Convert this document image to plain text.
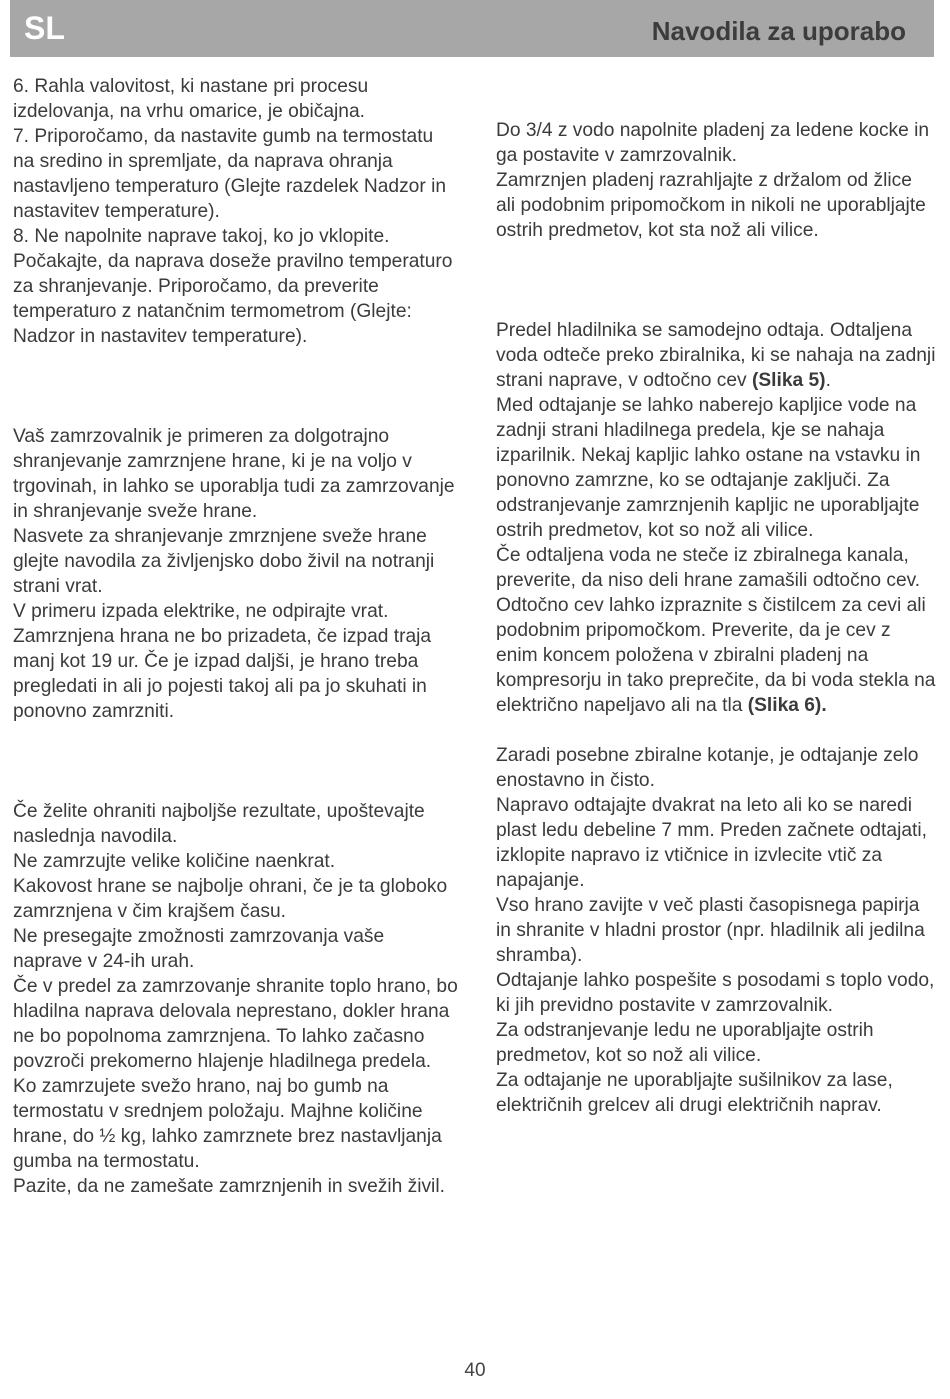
SL	Navodila za uporabo

6. Rahla valovitost, ki nastane pri procesu izdelovanja, na vrhu omarice, je običajna.

7. Priporočamo, da nastavite gumb na termostatu na sredino in spremljate, da naprava ohranja nastavljeno temperaturo (Glejte razdelek Nadzor in nastavitev temperature).

8. Ne napolnite naprave takoj, ko jo vklopite. Počakajte, da naprava doseže pravilno temperaturo za shranjevanje. Priporočamo, da preverite temperaturo z natančnim termometrom (Glejte: Nadzor in nastavitev temperature).

Vaš zamrzovalnik je primeren za dolgotrajno shranjevanje zamrznjene hrane, ki je na voljo v trgovinah, in lahko se uporablja tudi za zamrzovanje in shranjevanje sveže hrane.

Nasvete za shranjevanje zmrznjene sveže hrane glejte navodila za življenjsko dobo živil na notranji strani vrat.

V primeru izpada elektrike, ne odpirajte vrat. Zamrznjena hrana ne bo prizadeta, če izpad traja manj kot 19 ur. Če je izpad daljši, je hrano treba pregledati in ali jo pojesti takoj ali pa jo skuhati in ponovno zamrzniti.

Če želite ohraniti najboljše rezultate, upoštevajte naslednja navodila.

Ne zamrzujte velike količine naenkrat.

Kakovost hrane se najbolje ohrani, če je ta globoko zamrznjena v čim krajšem času.

Ne presegajte zmožnosti zamrzovanja vaše naprave v 24-ih urah.

Če v predel za zamrzovanje shranite toplo hrano, bo hladilna naprava delovala neprestano, dokler hrana ne bo popolnoma zamrznjena. To lahko začasno povzroči prekomerno hlajenje hladilnega predela.

Ko zamrzujete svežo hrano, naj bo gumb na termostatu v srednjem položaju. Majhne količine hrane, do ½ kg, lahko zamrznete brez nastavljanja gumba na termostatu.

Pazite, da ne zamešate zamrznjenih in svežih živil.

Do 3/4 z vodo napolnite pladenj za ledene kocke in ga postavite v zamrzovalnik.

Zamrznjen pladenj razrahljajte z držalom od žlice ali podobnim pripomočkom in nikoli ne uporabljajte ostrih predmetov, kot sta nož ali vilice.

Predel hladilnika se samodejno odtaja. Odtaljena voda odteče preko zbiralnika, ki se nahaja na zadnji strani naprave, v odtočno cev (Slika 5).

Med odtajanje se lahko naberejo kapljice vode na zadnji strani hladilnega predela, kje se nahaja izparilnik. Nekaj kapljic lahko ostane na vstavku in ponovno zamrzne, ko se odtajanje zaključi. Za odstranjevanje zamrznjenih kapljic ne uporabljajte ostrih predmetov, kot so nož ali vilice.

Če odtaljena voda ne steče iz zbiralnega kanala, preverite, da niso deli hrane zamašili odtočno cev. Odtočno cev lahko izpraznite s čistilcem za cevi ali podobnim pripomočkom. Preverite, da je cev z enim koncem položena v zbiralni pladenj na kompresorju in tako preprečite, da bi voda stekla na električno napeljavo ali na tla (Slika 6).

Zaradi posebne zbiralne kotanje, je odtajanje zelo enostavno in čisto.

Napravo odtajajte dvakrat na leto ali ko se naredi plast ledu debeline 7 mm. Preden začnete odtajati, izklopite napravo iz vtičnice in izvlecite vtič za napajanje.

Vso hrano zavijte v več plasti časopisnega papirja in shranite v hladni prostor (npr. hladilnik ali jedilna shramba).

Odtajanje lahko pospešite s posodami s toplo vodo, ki jih previdno postavite v zamrzovalnik.

Za odstranjevanje ledu ne uporabljajte ostrih predmetov, kot so nož ali vilice.

Za odtajanje ne uporabljajte sušilnikov za lase, električnih grelcev ali drugi električnih naprav.

40
